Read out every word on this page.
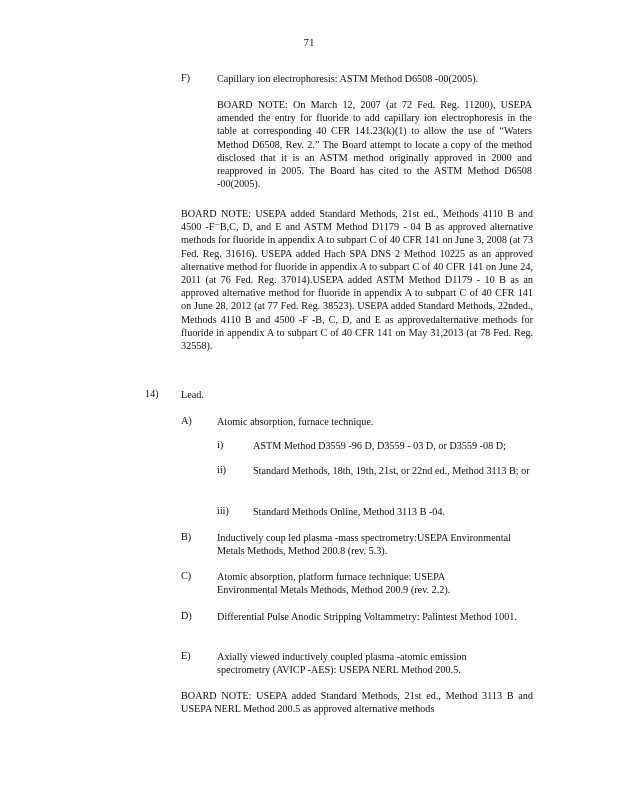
71
F)	Capillary ion electrophoresis: ASTM Method D6508 -00(2005).

BOARD NOTE: On March 12, 2007 (at 72 Fed. Reg. 11200), USEPA amended the entry for fluoride to add capillary ion electrophoresis in the table at corresponding 40 CFR 141.23(k)(1) to allow the use of “Waters Method D6508, Rev. 2.” The Board attempt to locate a copy of the method disclosed that it is an ASTM method originally approved in 2000 and reapproved in 2005. The Board has cited to the ASTM Method D6508 -00(2005).

BOARD NOTE: USEPA added Standard Methods, 21st ed., Methods 4110 B and 4500 -F⁻B,C, D, and E and ASTM Method D1179 - 04 B as approved alternative methods for fluoride in appendix A to subpart C of 40 CFR 141 on June 3, 2008 (at 73 Fed. Reg. 31616). USEPA added Hach SPA DNS 2 Method 10225 as an approved alternative method for fluoride in appendix A to subpart C of 40 CFR 141 on June 24, 2011 (at 76 Fed. Reg. 37014).USEPA added ASTM Method D1179 - 10 B as an approved alternative method for fluoride in appendix A to subpart C of 40 CFR 141 on June 28, 2012 (at 77 Fed. Reg. 38523). USEPA added Standard Methods, 22nded., Methods 4110 B and 4500 -F -B, C, D, and E as approvedalternative methods for fluoride in appendix A to subpart C of 40 CFR 141 on May 31,2013 (at 78 Fed. Reg. 32558).

14) Lead.
A) Atomic absorption, furnace technique.
i)	ASTM Method D3559 -96 D, D3559 - 03 D, or D3559 -08 D;
ii)	Standard Methods, 18th, 19th, 21st, or 22nd ed., Method 3113 B; or
iii) Standard Methods Online, Method 3113 B -04.
B)	Inductively coup led plasma -mass spectrometry:USEPA Environmental Metals Methods, Method 200.8 (rev. 5.3).
C)	Atomic absorption, platform furnace technique: USEPA Environmental Metals Methods, Method 200.9 (rev. 2.2).
D) Differential Pulse Anodic Stripping Voltammetry: Palintest Method 1001.
E)	Axially viewed inductively coupled plasma -atomic emission spectrometry (AVICP -AES): USEPA NERL Method 200.5.

BOARD NOTE: USEPA added Standard Methods, 21st ed., Method 3113 B and USEPA NERL Method 200.5 as approved alternative methods
